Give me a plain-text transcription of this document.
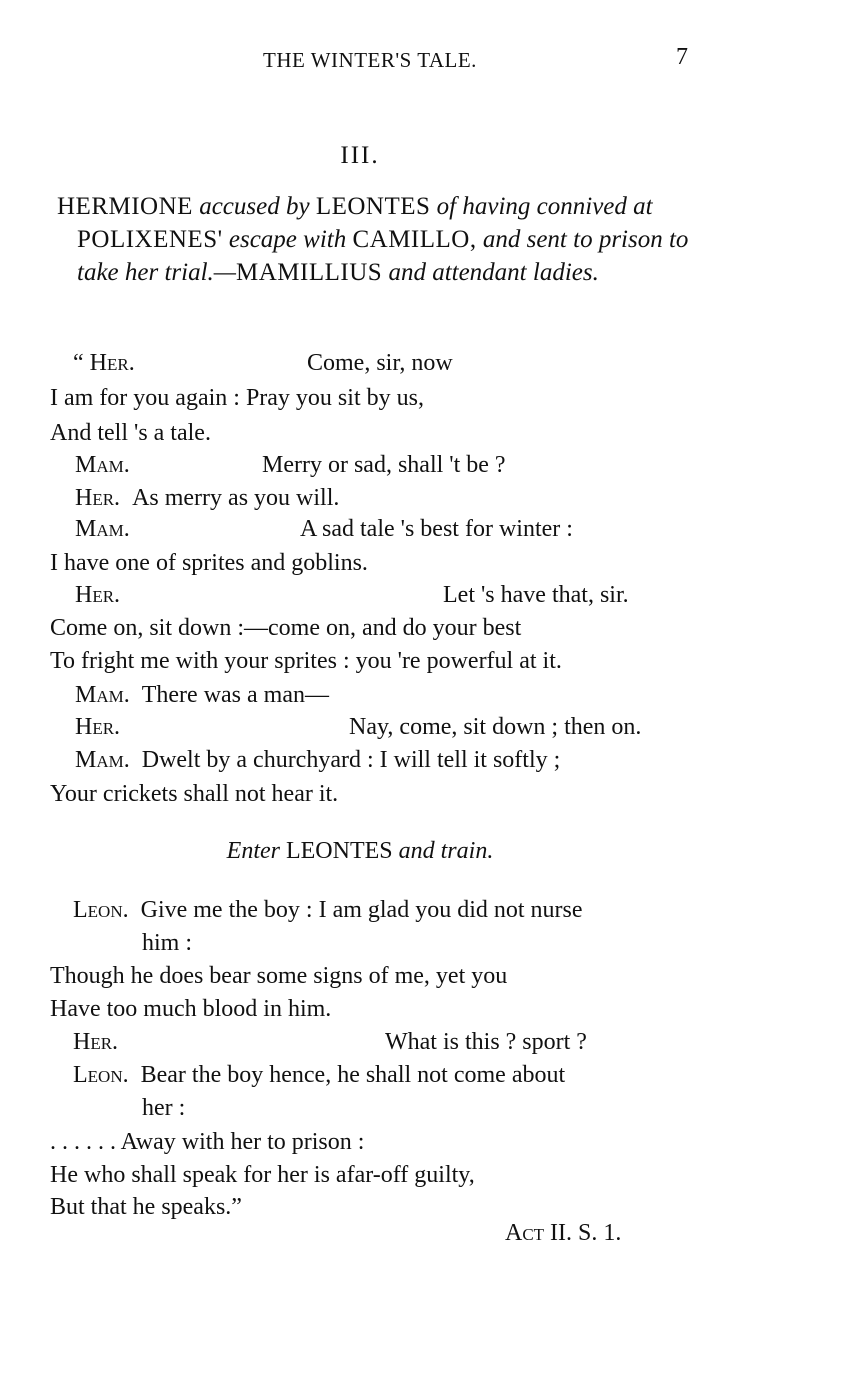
THE WINTER'S TALE.	7
III.
HERMIONE accused by LEONTES of having connived at POLIXENES' escape with CAMILLO, and sent to prison to take her trial.—MAMILLIUS and attendant ladies.
“ Her.	Come, sir, now
I am for you again : Pray you sit by us,
And tell 's a tale.
Mam.	Merry or sad, shall 't be ?
Her. As merry as you will.
Mam.	A sad tale 's best for winter :
I have one of sprites and goblins.
Her.	Let 's have that, sir.
Come on, sit down :—come on, and do your best
To fright me with your sprites : you 're powerful at it.
Mam. There was a man—
Her.	Nay, come, sit down ; then on.
Mam. Dwelt by a churchyard : I will tell it softly ;
Your crickets shall not hear it.
Enter LEONTES and train.
Leon. Give me the boy : I am glad you did not nurse
him :
Though he does bear some signs of me, yet you
Have too much blood in him.
Her.	What is this ? sport ?
Leon. Bear the boy hence, he shall not come about
her :
. . . . . . Away with her to prison :
He who shall speak for her is afar-off guilty,
But that he speaks.”
Act II. S. 1.
